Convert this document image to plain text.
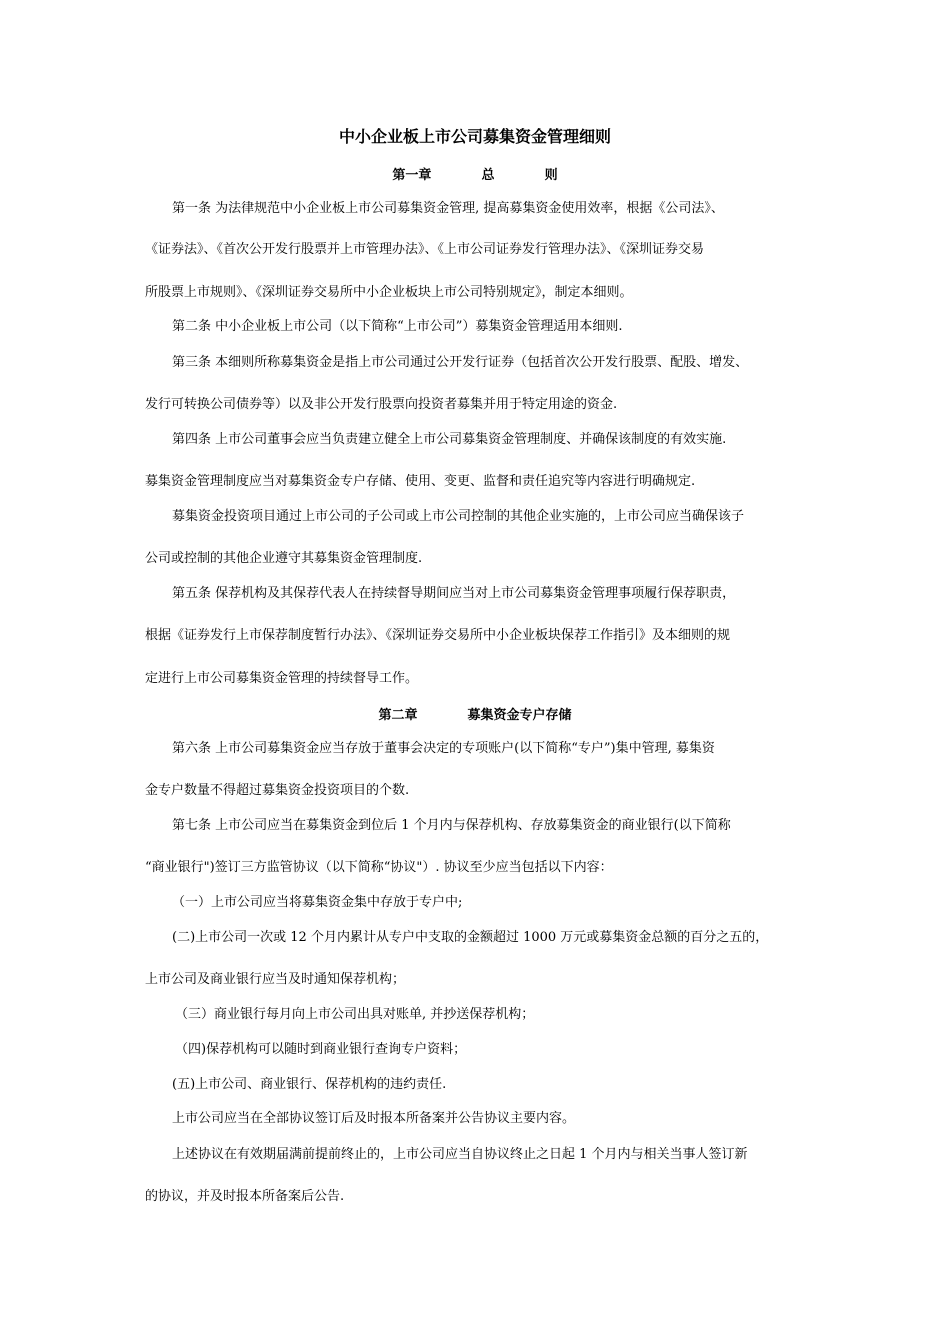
中小企业板上市公司募集资金管理细则
第一章    总    则

第一条 为法律规范中小企业板上市公司募集资金管理, 提高募集资金使用效率，根据《公司法》、

《证券法》、《首次公开发行股票并上市管理办法》、《上市公司证券发行管理办法》、《深圳证券交易

所股票上市规则》、《深圳证券交易所中小企业板块上市公司特别规定》，制定本细则。

第二条 中小企业板上市公司（以下简称“上市公司”）募集资金管理适用本细则.

第三条 本细则所称募集资金是指上市公司通过公开发行证券（包括首次公开发行股票、配股、增发、

发行可转换公司债券等）以及非公开发行股票向投资者募集并用于特定用途的资金.

第四条 上市公司董事会应当负责建立健全上市公司募集资金管理制度、并确保该制度的有效实施.

募集资金管理制度应当对募集资金专户存储、使用、变更、监督和责任追究等内容进行明确规定.

募集资金投资项目通过上市公司的子公司或上市公司控制的其他企业实施的，上市公司应当确保该子

公司或控制的其他企业遵守其募集资金管理制度.

第五条 保荐机构及其保荐代表人在持续督导期间应当对上市公司募集资金管理事项履行保荐职责，

根据《证券发行上市保荐制度暂行办法》、《深圳证券交易所中小企业板块保荐工作指引》及本细则的规

定进行上市公司募集资金管理的持续督导工作。

第二章    募集资金专户存储

第六条 上市公司募集资金应当存放于董事会决定的专项账户(以下简称“专户”)集中管理, 募集资

金专户数量不得超过募集资金投资项目的个数.

第七条 上市公司应当在募集资金到位后 1 个月内与保荐机构、存放募集资金的商业银行(以下简称

“商业银行")签订三方监管协议（以下简称“协议"）. 协议至少应当包括以下内容：

（一）上市公司应当将募集资金集中存放于专户中;

(二)上市公司一次或 12 个月内累计从专户中支取的金额超过 1000 万元或募集资金总额的百分之五的，

上市公司及商业银行应当及时通知保荐机构；

（三）商业银行每月向上市公司出具对账单, 并抄送保荐机构；

（四)保荐机构可以随时到商业银行查询专户资料；

(五)上市公司、商业银行、保荐机构的违约责任.

上市公司应当在全部协议签订后及时报本所备案并公告协议主要内容。

上述协议在有效期届满前提前终止的，上市公司应当自协议终止之日起 1 个月内与相关当事人签订新

的协议，并及时报本所备案后公告.
